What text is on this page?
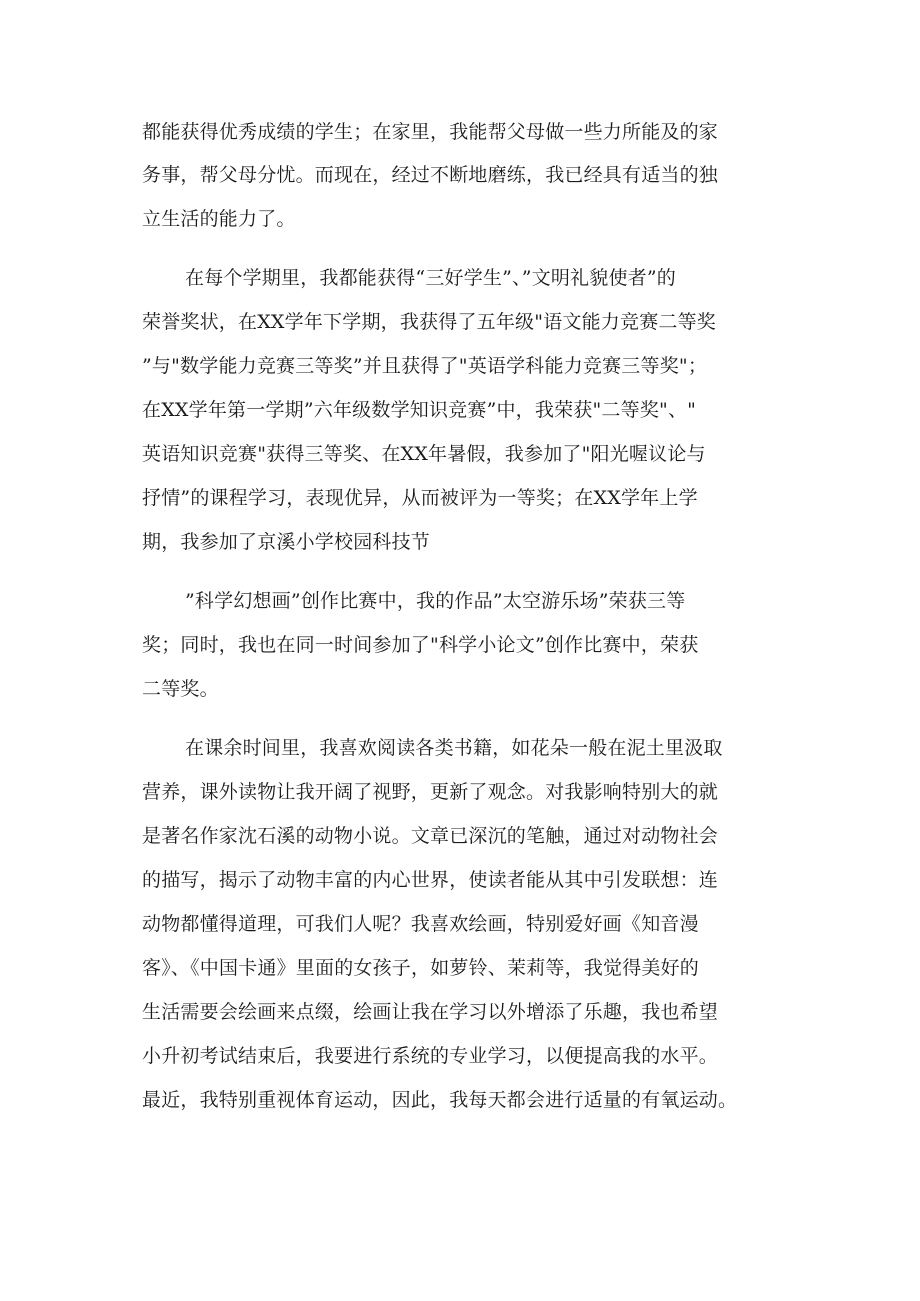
都能获得优秀成绩的学生；在家里，我能帮父母做一些力所能及的家
务事，帮父母分忧。而现在，经过不断地磨练，我已经具有适当的独
立生活的能力了。
在每个学期里，我都能获得“三好学生”、”文明礼貌使者”的
荣誉奖状，在XX学年下学期，我获得了五年级"语文能力竞赛二等奖
”与"数学能力竞赛三等奖”并且获得了"英语学科能力竞赛三等奖"；
在XX学年第一学期”六年级数学知识竞赛”中，我荣获"二等奖"、"
英语知识竞赛"获得三等奖、在XX年暑假，我参加了"阳光喔议论与
抒情”的课程学习，表现优异，从而被评为一等奖；在XX学年上学
期，我参加了京溪小学校园科技节
”科学幻想画”创作比赛中，我的作品”太空游乐场”荣获三等
奖；同时，我也在同一时间参加了"科学小论文”创作比赛中，荣获
二等奖。
在课余时间里，我喜欢阅读各类书籍，如花朵一般在泥土里汲取
营养，课外读物让我开阔了视野，更新了观念。对我影响特别大的就
是著名作家沈石溪的动物小说。文章已深沉的笔触，通过对动物社会
的描写，揭示了动物丰富的内心世界，使读者能从其中引发联想：连
动物都懂得道理，可我们人呢？我喜欢绘画，特别爱好画《知音漫
客》、《中国卡通》里面的女孩子，如萝铃、茉莉等，我觉得美好的
生活需要会绘画来点缀，绘画让我在学习以外增添了乐趣，我也希望
小升初考试结束后，我要进行系统的专业学习，以便提高我的水平。
最近，我特别重视体育运动，因此，我每天都会进行适量的有氧运动。
